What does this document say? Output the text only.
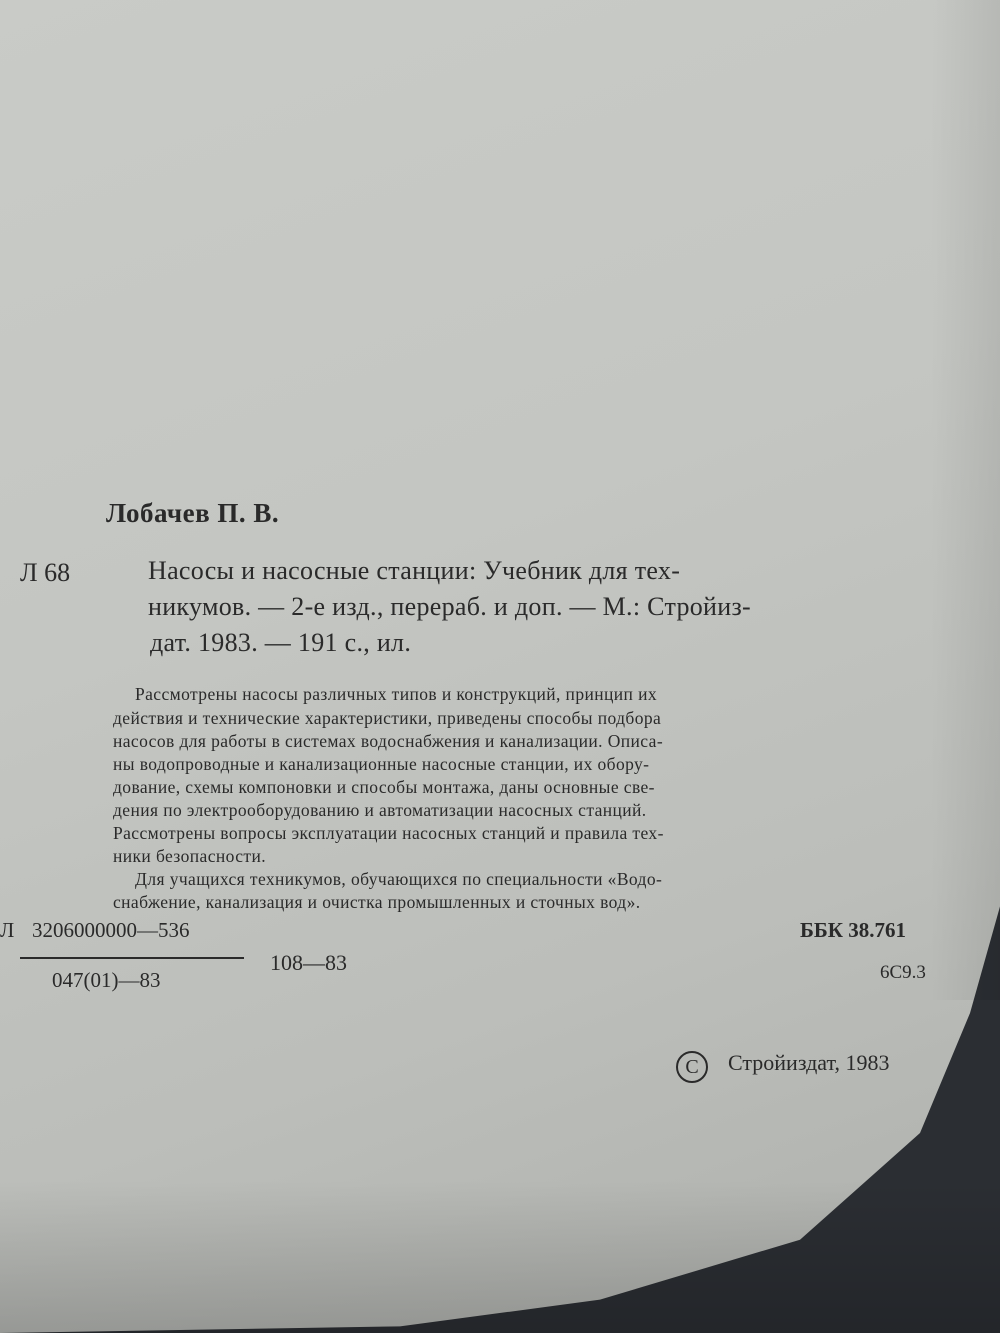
Лобачев П. В.
Л 68	Насосы и насосные станции: Учебник для тех-
никумов. — 2-е изд., перераб. и доп. — М.: Стройиз-
дат. 1983. — 191 с., ил.
Рассмотрены насосы различных типов и конструкций, принцип их
действия и технические характеристики, приведены способы подбора
насосов для работы в системах водоснабжения и канализации. Описа-
ны водопроводные и канализационные насосные станции, их обору-
дование, схемы компоновки и способы монтажа, даны основные све-
дения по электрооборудованию и автоматизации насосных станций.
Рассмотрены вопросы эксплуатации насосных станций и правила тех-
ники безопасности.
Для учащихся техникумов, обучающихся по специальности «Водо-
снабжение, канализация и очистка промышленных и сточных вод».
Л 3206000000—536
047(01)—83
108—83
ББК 38.761
6С9.3
С	Стройиздат, 1983
